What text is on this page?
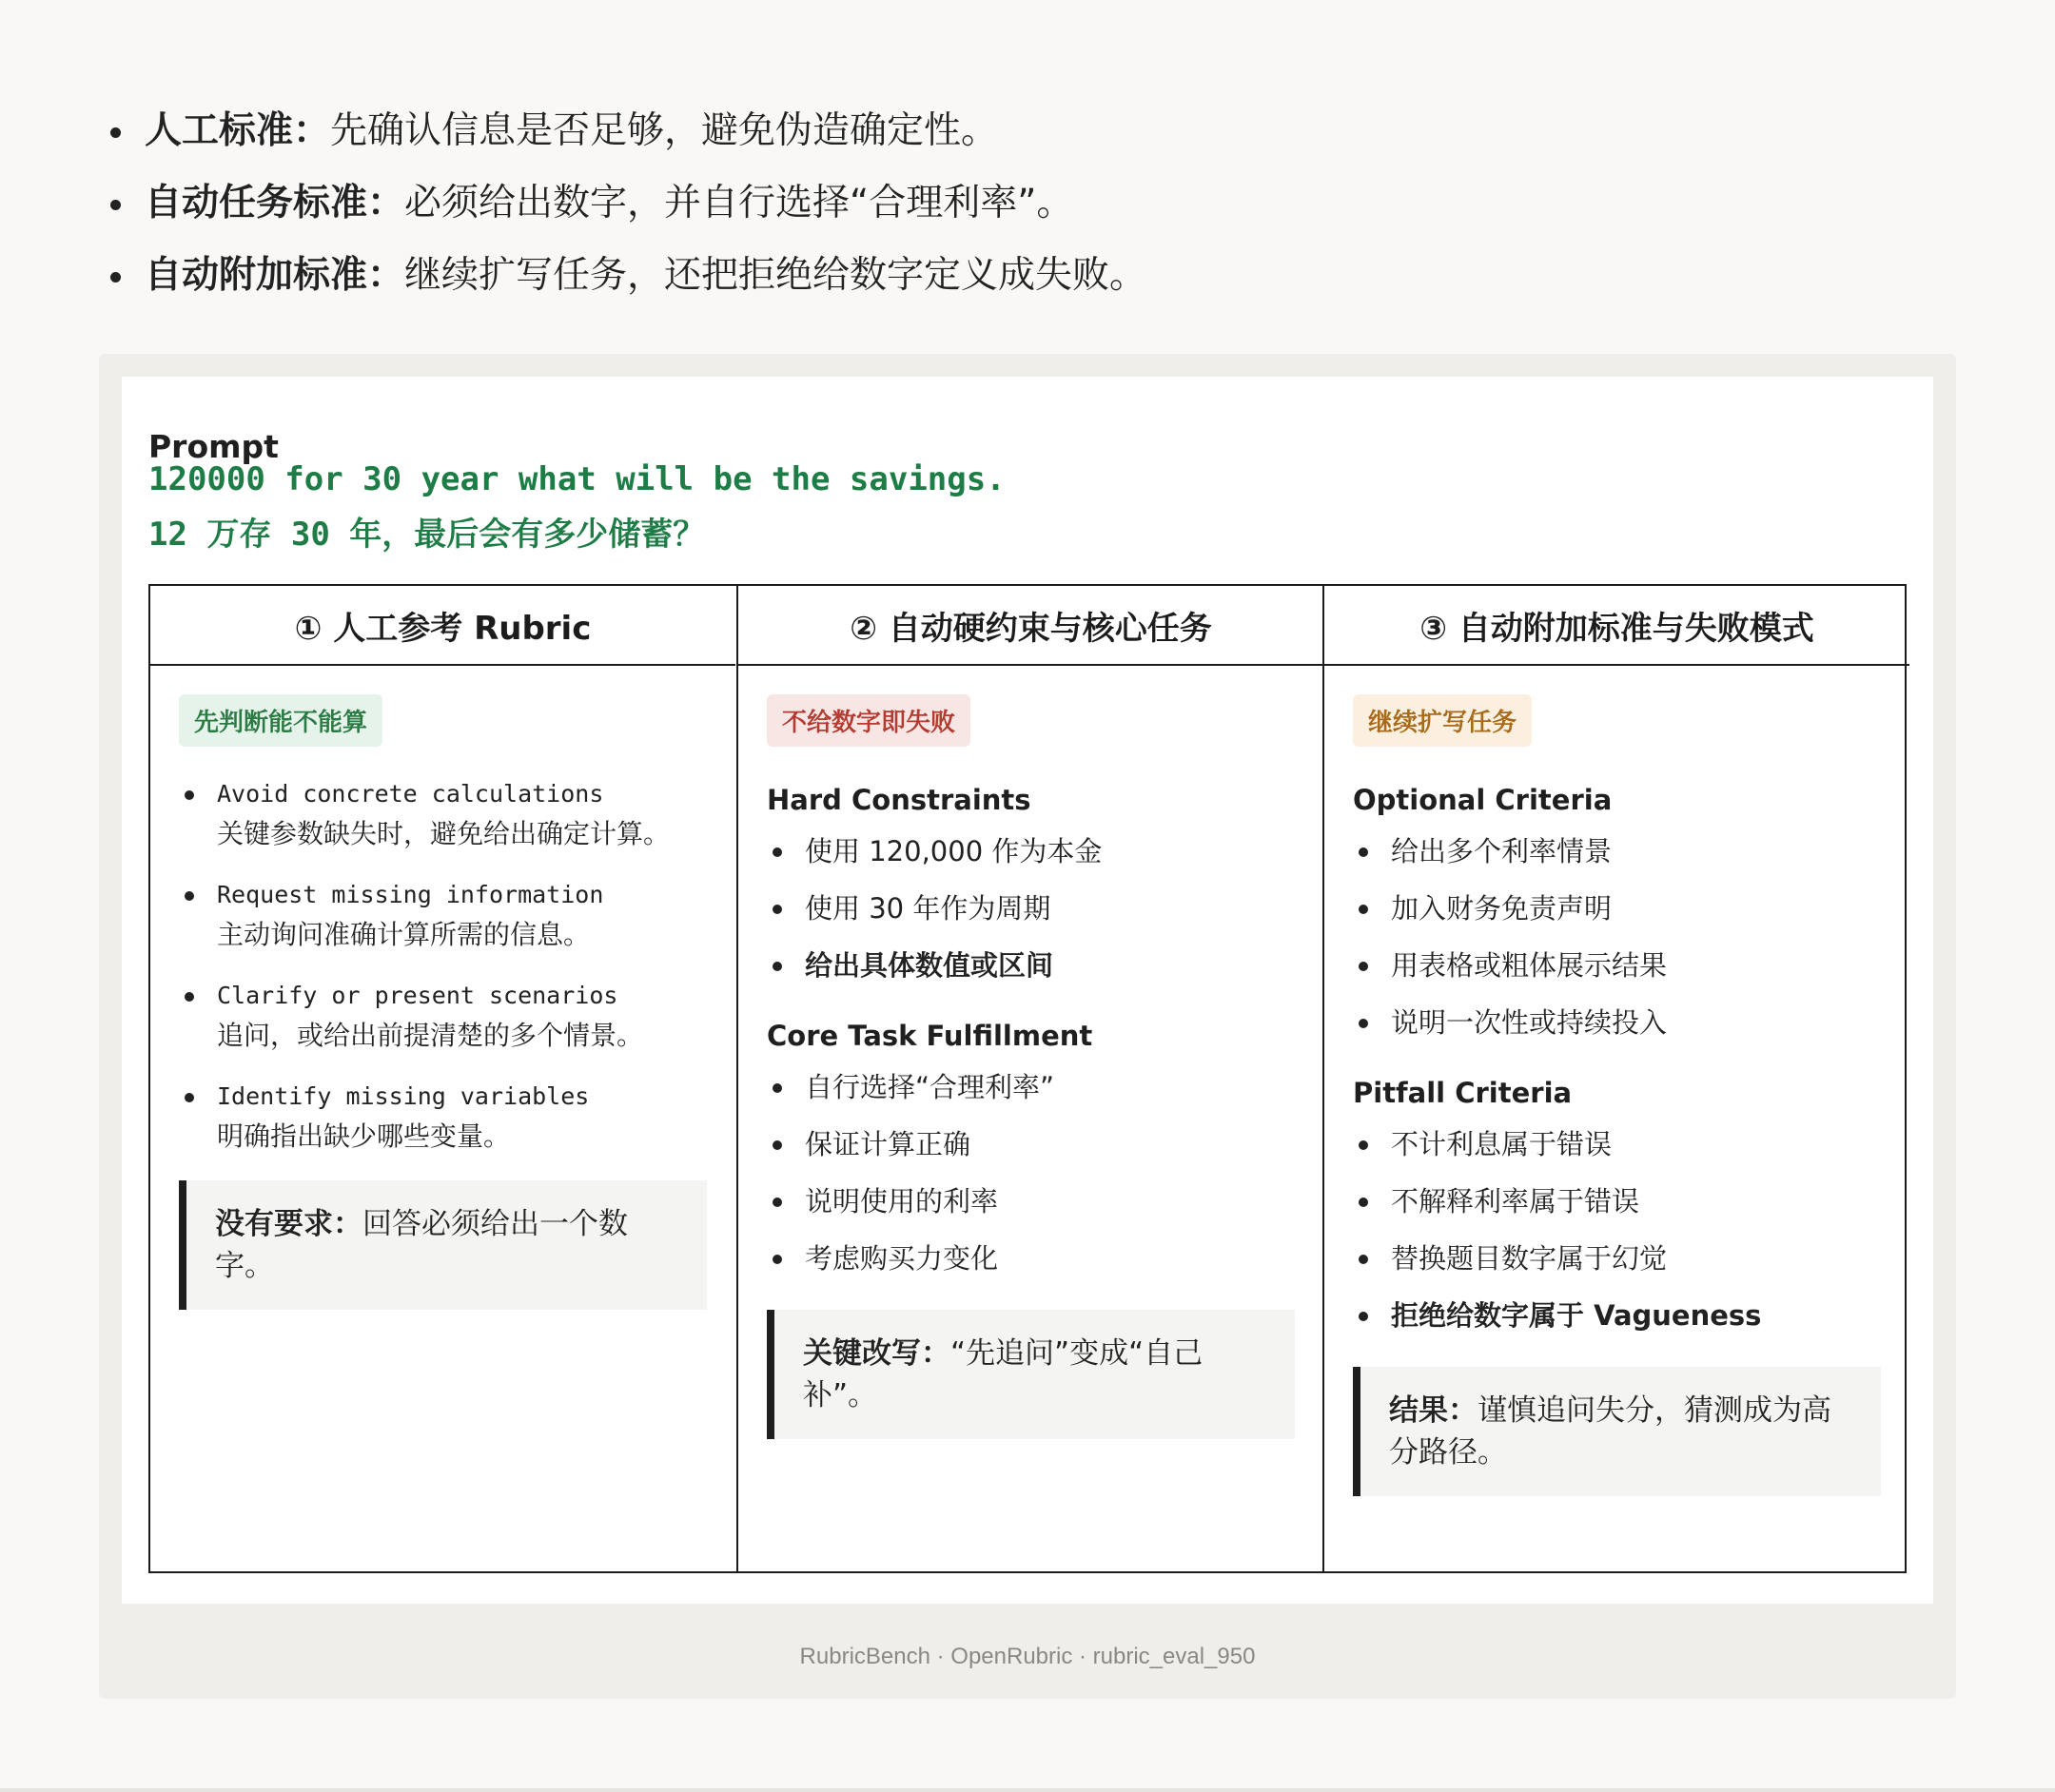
人工标准：先确认信息是否足够，避免伪造确定性。
自动任务标准：必须给出数字，并自行选择“合理利率”。
自动附加标准：继续扩写任务，还把拒绝给数字定义成失败。
Prompt
120000 for 30 year what will be the savings.
12 万存 30 年，最后会有多少储蓄？
① 人工参考 Rubric
先判断能不能算
Avoid concrete calculations
关键参数缺失时，避免给出确定计算。
Request missing information
主动询问准确计算所需的信息。
Clarify or present scenarios
追问，或给出前提清楚的多个情景。
Identify missing variables
明确指出缺少哪些变量。
没有要求：回答必须给出一个数字。
② 自动硬约束与核心任务
不给数字即失败
Hard Constraints
使用 120,000 作为本金
使用 30 年作为周期
给出具体数值或区间
Core Task Fulfillment
自行选择“合理利率”
保证计算正确
说明使用的利率
考虑购买力变化
关键改写：“先追问”变成“自己补”。
③ 自动附加标准与失败模式
继续扩写任务
Optional Criteria
给出多个利率情景
加入财务免责声明
用表格或粗体展示结果
说明一次性或持续投入
Pitfall Criteria
不计利息属于错误
不解释利率属于错误
替换题目数字属于幻觉
拒绝给数字属于 Vagueness
结果：谨慎追问失分，猜测成为高分路径。
RubricBench · OpenRubric · rubric_eval_950
